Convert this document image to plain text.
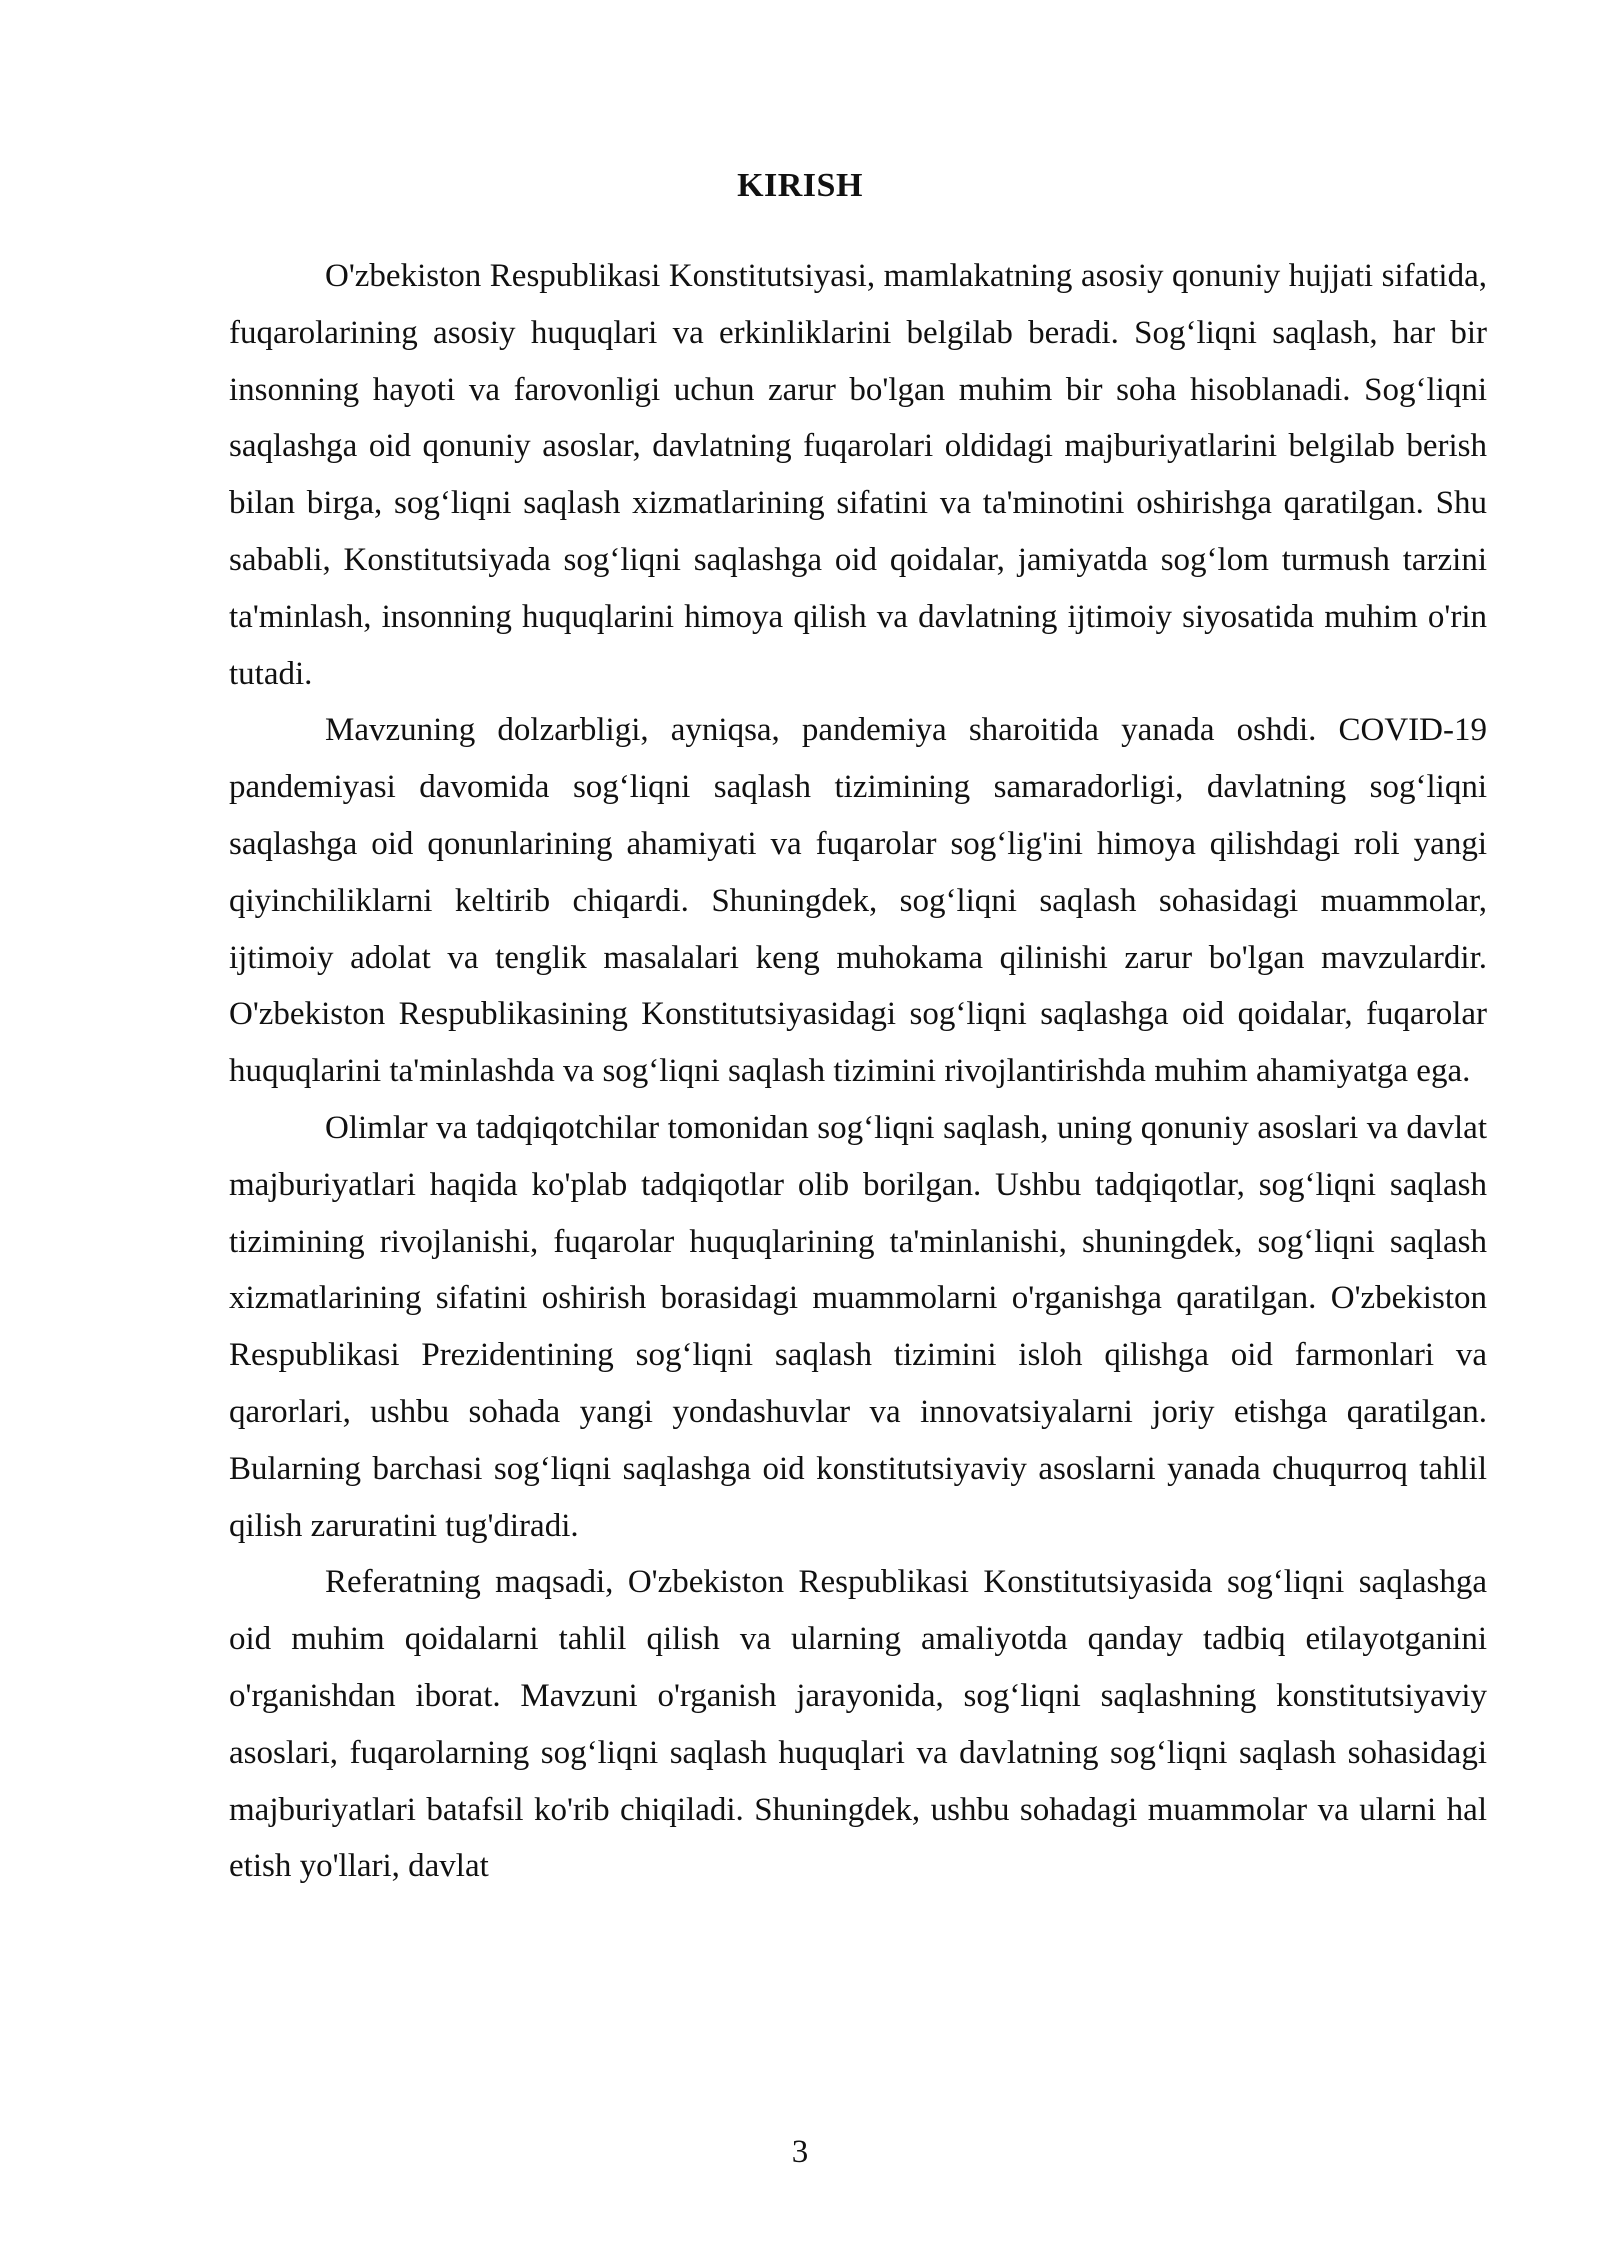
KIRISH

O'zbekiston Respublikasi Konstitutsiyasi, mamlakatning asosiy qonuniy hujjati sifatida, fuqarolarining asosiy huquqlari va erkinliklarini belgilab beradi. Sog‘liqni saqlash, har bir insonning hayoti va farovonligi uchun zarur bo'lgan muhim bir soha hisoblanadi. Sog‘liqni saqlashga oid qonuniy asoslar, davlatning fuqarolari oldidagi majburiyatlarini belgilab berish bilan birga, sog‘liqni saqlash xizmatlarining sifatini va ta'minotini oshirishga qaratilgan. Shu sababli, Konstitutsiyada sog‘liqni saqlashga oid qoidalar, jamiyatda sog‘lom turmush tarzini ta'minlash, insonning huquqlarini himoya qilish va davlatning ijtimoiy siyosatida muhim o'rin tutadi.

Mavzuning dolzarbligi, ayniqsa, pandemiya sharoitida yanada oshdi. COVID-19 pandemiyasi davomida sog‘liqni saqlash tizimining samaradorligi, davlatning sog‘liqni saqlashga oid qonunlarining ahamiyati va fuqarolar sog‘lig'ini himoya qilishdagi roli yangi qiyinchiliklarni keltirib chiqardi. Shuningdek, sog‘liqni saqlash sohasidagi muammolar, ijtimoiy adolat va tenglik masalalari keng muhokama qilinishi zarur bo'lgan mavzulardir. O'zbekiston Respublikasining Konstitutsiyasidagi sog‘liqni saqlashga oid qoidalar, fuqarolar huquqlarini ta'minlashda va sog‘liqni saqlash tizimini rivojlantirishda muhim ahamiyatga ega.

Olimlar va tadqiqotchilar tomonidan sog‘liqni saqlash, uning qonuniy asoslari va davlat majburiyatlari haqida ko'plab tadqiqotlar olib borilgan. Ushbu tadqiqotlar, sog‘liqni saqlash tizimining rivojlanishi, fuqarolar huquqlarining ta'minlanishi, shuningdek, sog‘liqni saqlash xizmatlarining sifatini oshirish borasidagi muammolarni o'rganishga qaratilgan. O'zbekiston Respublikasi Prezidentining sog‘liqni saqlash tizimini isloh qilishga oid farmonlari va qarorlari, ushbu sohada yangi yondashuvlar va innovatsiyalarni joriy etishga qaratilgan. Bularning barchasi sog‘liqni saqlashga oid konstitutsiyaviy asoslarni yanada chuqurroq tahlil qilish zaruratini tug'diradi.

Referatning maqsadi, O'zbekiston Respublikasi Konstitutsiyasida sog‘liqni saqlashga oid muhim qoidalarni tahlil qilish va ularning amaliyotda qanday tadbiq etilayotganini o'rganishdan iborat. Mavzuni o'rganish jarayonida, sog‘liqni saqlashning konstitutsiyaviy asoslari, fuqarolarning sog‘liqni saqlash huquqlari va davlatning sog‘liqni saqlash sohasidagi majburiyatlari batafsil ko'rib chiqiladi. Shuningdek, ushbu sohadagi muammolar va ularni hal etish yo'llari, davlat

3
